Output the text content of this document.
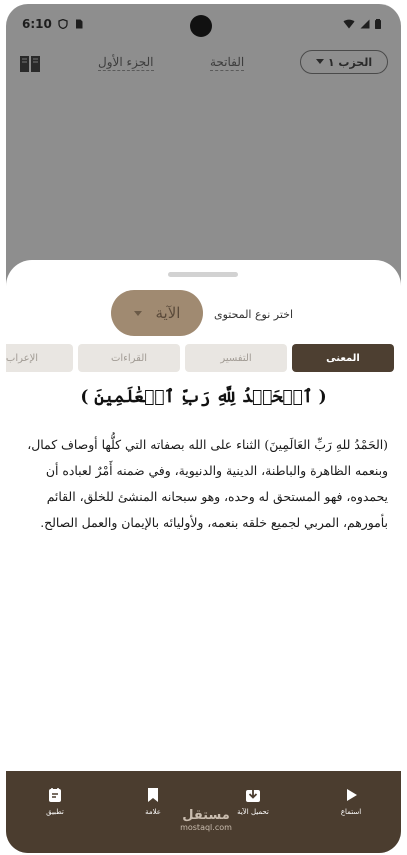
6:10
الجزء الأول	الفاتحة	الحزب ١
اختر نوع المحتوى
الآية
المعنى
التفسير
القراءات
الإعراب
( ٱلۡحَمۡدُ لِلَّهِ رَبِّ ٱلۡعَٰلَمِينَ )
(الحَمْدُ للهِ رَبِّ العَالَمِينَ) الثناء على الله بصفاته التي كلُّها أوصاف كمال، وبنعمه الظاهرة والباطنة، الدينية والدنيوية، وفي ضمنه أَمْرٌ لعباده أن يحمدوه، فهو المستحق له وحده، وهو سبحانه المنشئ للخلق، القائم بأمورهم، المربي لجميع خلقه بنعمه، ولأوليائه بالإيمان والعمل الصالح.
استماع
تحميل الآية
علامة
تطبيق	مستقل
mostaql.com
